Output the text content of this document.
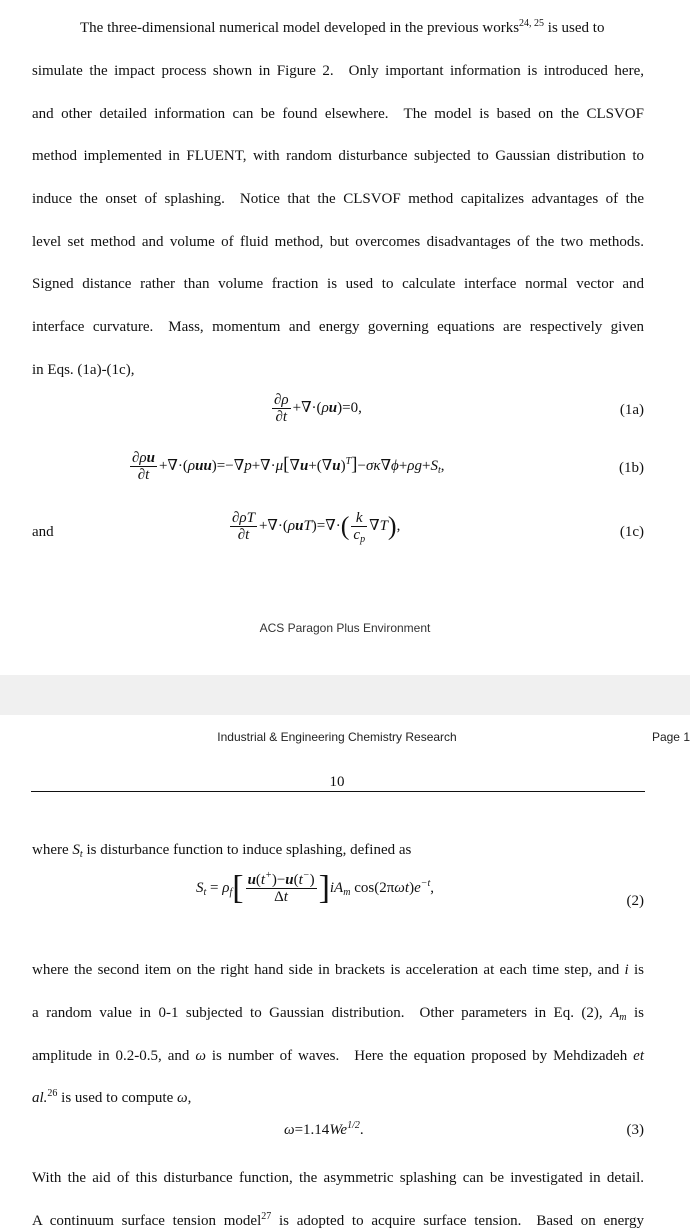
The three-dimensional numerical model developed in the previous works$^{24, 25}$ is used to
simulate the impact process shown in Figure 2. Only important information is introduced here,
and other detailed information can be found elsewhere. The model is based on the CLSVOF
method implemented in FLUENT, with random disturbance subjected to Gaussian distribution to
induce the onset of splashing. Notice that the CLSVOF method capitalizes advantages of the
level set method and volume of fluid method, but overcomes disadvantages of the two methods.
Signed distance rather than volume fraction is used to calculate interface normal vector and
interface curvature. Mass, momentum and energy governing equations are respectively given
in Eqs. (1a)-(1c),
$\frac{\partial\rho}{\partial t} +\nabla\cdot(\rho u)=0$,	(1a)
$\frac{\partial\rho u}{\partial t} +\nabla\cdot(\rho uu)=-\nabla p+\nabla\cdot\mu[\nabla u+(\nabla u)^T]-\sigma\kappa\nabla\phi+\rho g+S_t$,	(1b)
and	$\frac{\partial\rho T}{\partial t} +\nabla\cdot(\rho uT)=\nabla\cdot( \frac{k}{c_p} \nabla T)$,	(1c)
ACS Paragon Plus Environment
Industrial & Engineering Chemistry Research	Page 1
10
where $S_t$ is disturbance function to induce splashing, defined as
$S_t = \rho_f[ \frac{u(t^+)-u(t^-)}{\Delta t} ]iA_m$ $\cos(2\pi\omega t)e^{-t}$,
(2)
where the second item on the right hand side in brackets is acceleration at each time step, and i is
a random value in 0-1 subjected to Gaussian distribution. Other parameters in Eq. (2), $A_m$ is
amplitude in 0.2-0.5, and ω is number of waves. Here the equation proposed by Mehdizadeh et
al.$^{26}$ is used to compute ω,
$\omega=1.14We^{1/2}$.	(3)
With the aid of this disturbance function, the asymmetric splashing can be investigated in detail.
A continuum surface tension model$^{27}$ is adopted to acquire surface tension. Based on energy
